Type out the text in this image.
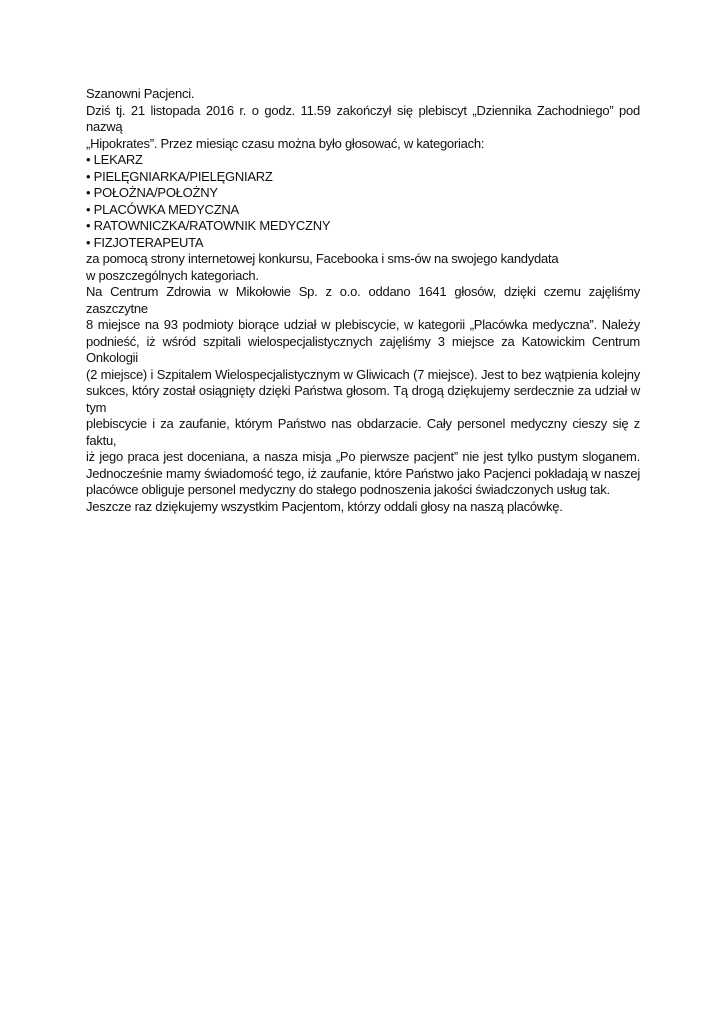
Szanowni Pacjenci.
Dziś tj. 21 listopada 2016 r. o godz. 11.59 zakończył się plebiscyt „Dziennika Zachodniego” pod nazwą
„Hipokrates”. Przez miesiąc czasu można było głosować, w kategoriach:
• LEKARZ
• PIELĘGNIARKA/PIELĘGNIARZ
• POŁOŻNA/POŁOŻNY
• PLACÓWKA MEDYCZNA
• RATOWNICZKA/RATOWNIK MEDYCZNY
• FIZJOTERAPEUTA
za pomocą strony internetowej konkursu, Facebooka i sms-ów na swojego kandydata
w poszczególnych kategoriach.
Na Centrum Zdrowia w Mikołowie Sp. z o.o. oddano 1641 głosów, dzięki czemu zajęliśmy zaszczytne
8 miejsce na 93 podmioty biorące udział w plebiscycie, w kategorii „Placówka medyczna”. Należy
podnieść, iż wśród szpitali wielospecjalistycznych zajęliśmy 3 miejsce za Katowickim Centrum Onkologii
(2 miejsce) i Szpitalem Wielospecjalistycznym w Gliwicach (7 miejsce). Jest to bez wątpienia kolejny
sukces, który został osiągnięty dzięki Państwa głosom. Tą drogą dziękujemy serdecznie za udział w tym
plebiscycie i za zaufanie, którym Państwo nas obdarzacie. Cały personel medyczny cieszy się z faktu,
iż jego praca jest doceniana, a nasza misja „Po pierwsze pacjent” nie jest tylko pustym sloganem.
Jednocześnie mamy świadomość tego, iż zaufanie, które Państwo jako Pacjenci pokładają w naszej
placówce obliguje personel medyczny do stałego podnoszenia jakości świadczonych usług tak.
Jeszcze raz dziękujemy wszystkim Pacjentom, którzy oddali głosy na naszą placówkę.
